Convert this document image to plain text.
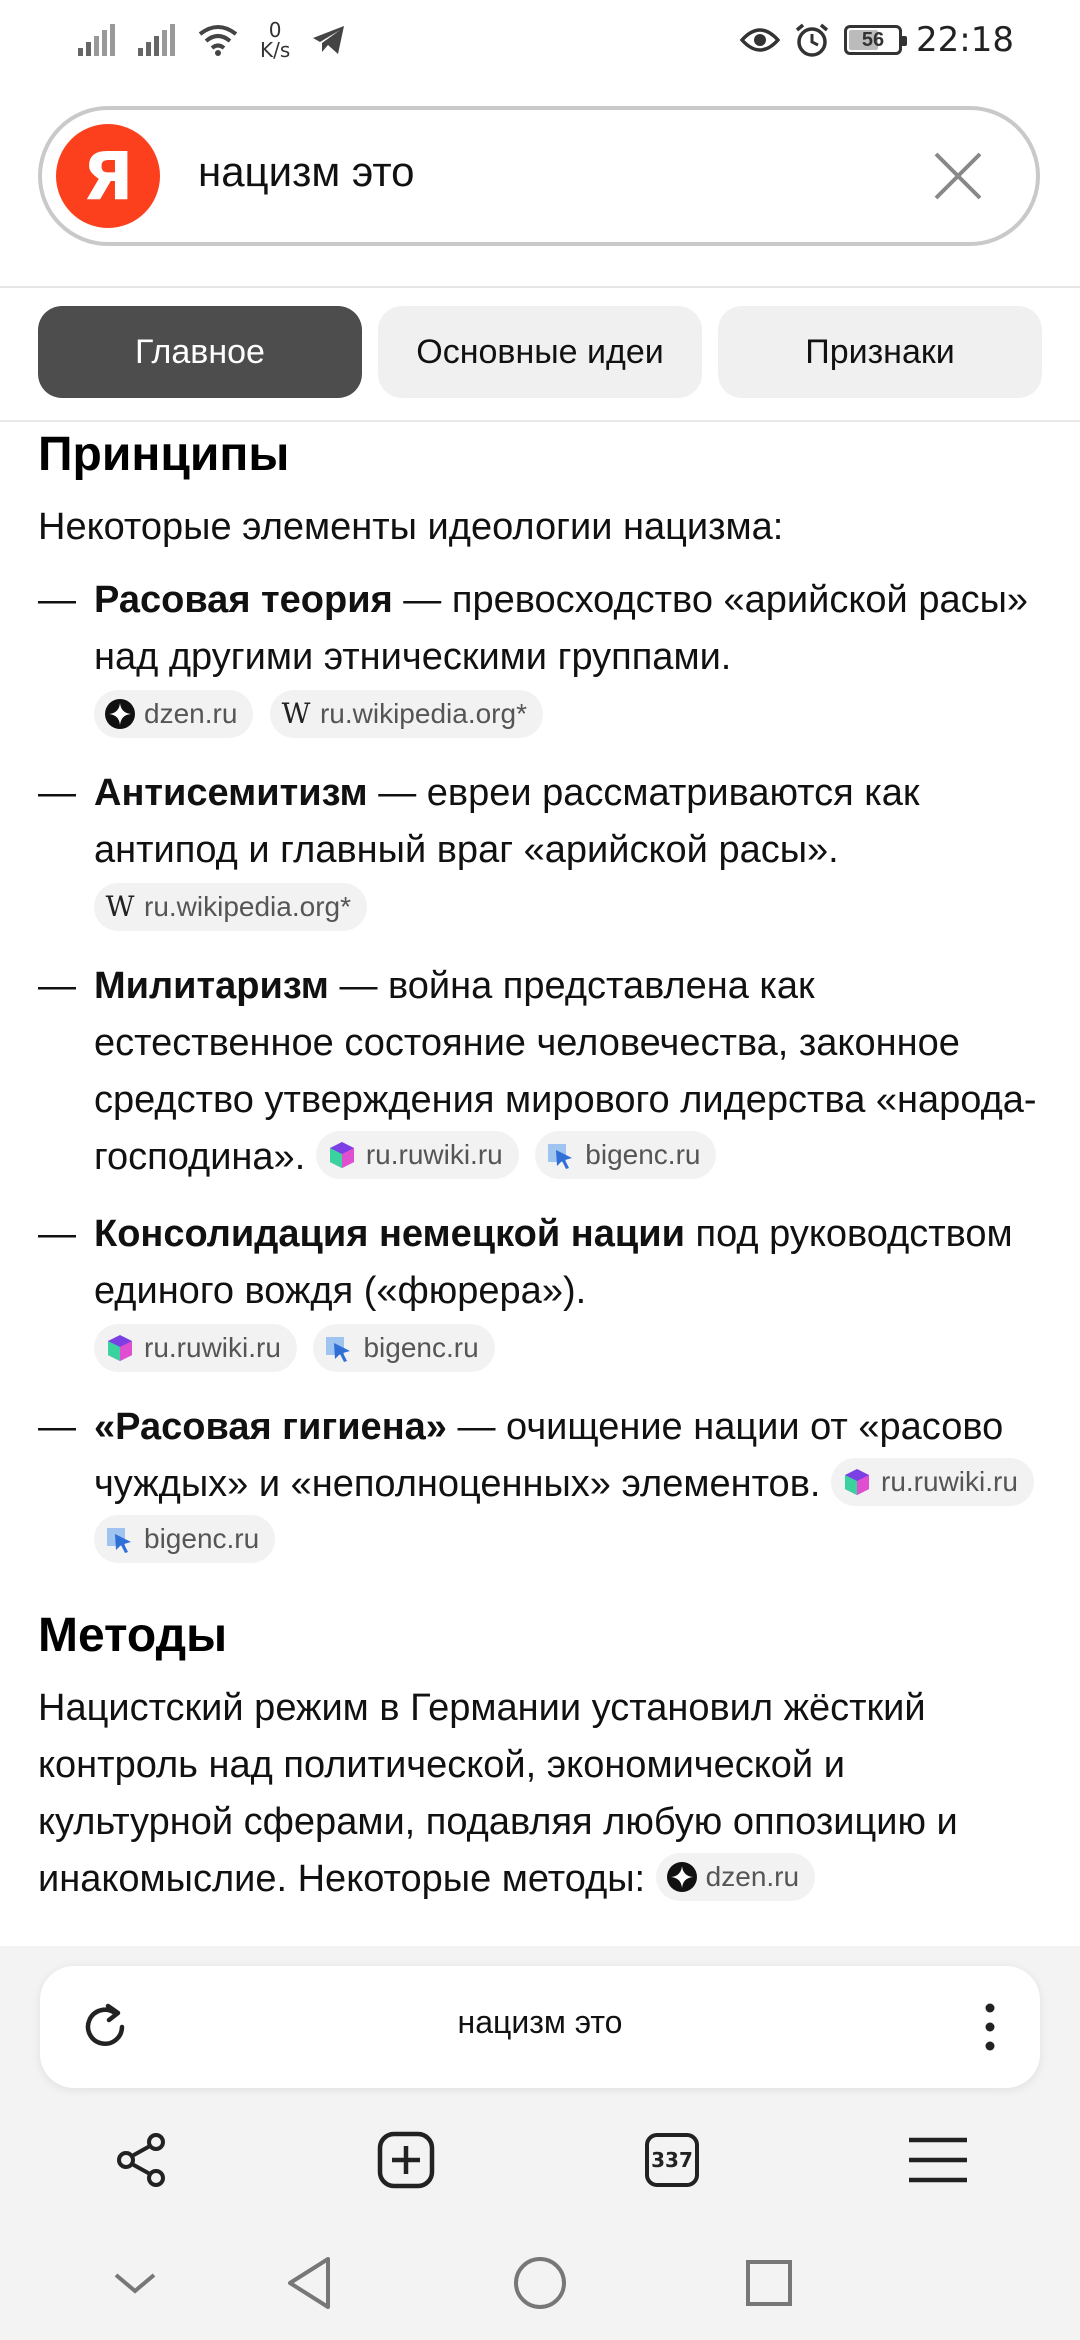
0
K/s	56 22:18
Я	нацизм это
Главное	Основные идеи	Признаки
Принципы
Некоторые элементы идеологии нацизма:
— Расовая теория — превосходство «арийской расы» над другими этническими группами.
dzen.ru
W ru.wikipedia.org*
— Антисемитизм — евреи рассматриваются как антипод и главный враг «арийской расы».
W ru.wikipedia.org*
— Милитаризм — война представлена как естественное состояние человечества, законное средство утверждения мирового лидерства «народа-господина». ru.ruwiki.ru
	bigenc.ru
— Консолидация немецкой нации под руководством единого вождя («фюрера»).
ru.ruwiki.ru
	bigenc.ru
— «Расовая гигиена» — очищение нации от «расово чуждых» и «неполноценных» элементов. ru.ruwiki.ru

bigenc.ru
Методы
Нацистский режим в Германии установил жёсткий контроль над политической, экономической и культурной сферами, подавляя любую оппозицию и инакомыслие. Некоторые методы: dzen.ru
нацизм это
337
